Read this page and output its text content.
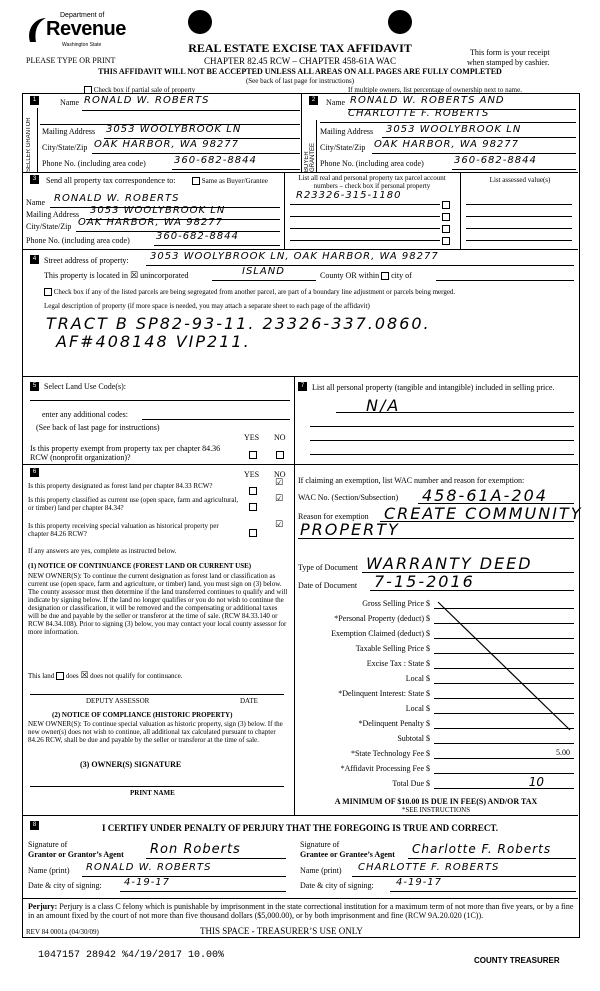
Department of
Revenue
Washington State
PLEASE TYPE OR PRINT
REAL ESTATE EXCISE TAX AFFIDAVIT
CHAPTER 82.45 RCW – CHAPTER 458-61A WAC
This form is your receipt
when stamped by cashier.
THIS AFFIDAVIT WILL NOT BE ACCEPTED UNLESS ALL AREAS ON ALL PAGES ARE FULLY COMPLETED
(See back of last page for instructions)
Check box if partial sale of property	If multiple owners, list percentage of ownership next to name.
1
SELLER GRANTOR
Name RONALD W. ROBERTS
Mailing Address 3053 WOOLYBROOK LN
City/State/Zip OAK HARBOR, WA 98277
Phone No. (including area code)	360-682-8844
2
BUYER GRANTEE
Name RONALD W. ROBERTS AND
CHARLOTTE F. ROBERTS
Mailing Address 3053 WOOLYBROOK LN
City/State/Zip OAK HARBOR, WA 98277
Phone No. (including area code)	360-682-8844
3	Send all property tax correspondence to:	Same as Buyer/Grantee
Name RONALD W. ROBERTS
Mailing Address 3053 WOOLYBROOK LN
City/State/Zip OAK HARBOR, WA 98277
Phone No. (including area code)	360-682-8844
List all real and personal property tax parcel account numbers – check box if personal property
List assessed value(s)
R23326-315-1180
4 Street address of property: 3053 WOOLYBROOK LN, OAK HARBOR, WA 98277
This property is located in ☒ unincorporated	ISLAND	County OR within city of
Check box if any of the listed parcels are being segregated from another parcel, are part of a boundary line adjustment or parcels being merged.
Legal description of property (if more space is needed, you may attach a separate sheet to each page of the affidavit)
TRACT B SP82-93-11. 23326-337.0860.
AF#408148 VIP211.
5 Select Land Use Code(s):
enter any additional codes:
(See back of last page for instructions)
YES NO
Is this property exempt from property tax per chapter 84.36 RCW (nonprofit organization)?
6	YES NO
Is this property designated as forest land per chapter 84.33 RCW?	☑
Is this property classified as current use (open space, farm and agricultural, or timber) land per chapter 84.34?
☑
Is this property receiving special valuation as historical property per chapter 84.26 RCW?
☑
If any answers are yes, complete as instructed below.
(1) NOTICE OF CONTINUANCE (FOREST LAND OR CURRENT USE)
NEW OWNER(S): To continue the current designation as forest land or classification as current use (open space, farm and agriculture, or timber) land, you must sign on (3) below. The county assessor must then determine if the land transferred continues to qualify and will indicate by signing below. If the land no longer qualifies or you do not wish to continue the designation or classification, it will be removed and the compensating or additional taxes will be due and payable by the seller or transferor at the time of sale. (RCW 84.33.140 or RCW 84.34.108). Prior to signing (3) below, you may contact your local county assessor for more information.
This land does ☒ does not qualify for continuance.
DEPUTY ASSESSOR	DATE
(2) NOTICE OF COMPLIANCE (HISTORIC PROPERTY)
NEW OWNER(S): To continue special valuation as historic property, sign (3) below. If the new owner(s) does not wish to continue, all additional tax calculated pursuant to chapter 84.26 RCW, shall be due and payable by the seller or transferor at the time of sale.
(3) OWNER(S) SIGNATURE
PRINT NAME
7 List all personal property (tangible and intangible) included in selling price.
N/A
If claiming an exemption, list WAC number and reason for exemption:
WAC No. (Section/Subsection) 458-61A-204
Reason for exemption CREATE COMMUNITY
PROPERTY
Type of Document WARRANTY DEED
Date of Document 7-15-2016
Gross Selling Price $
*Personal Property (deduct) $
Exemption Claimed (deduct) $
Taxable Selling Price $
Excise Tax : State $
Local $
*Delinquent Interest: State $
Local $
*Delinquent Penalty $
Subtotal $
*State Technology Fee $	5.00
*Affidavit Processing Fee $
Total Due $	10
A MINIMUM OF $10.00 IS DUE IN FEE(S) AND/OR TAX
*SEE INSTRUCTIONS
8	I CERTIFY UNDER PENALTY OF PERJURY THAT THE FOREGOING IS TRUE AND CORRECT.
Signature of
Grantor or Grantor’s Agent Ron Roberts
Name (print) RONALD W. ROBERTS
Date & city of signing: 4-19-17
Signature of
Grantee or Grantee’s Agent Charlotte F. Roberts
Name (print) CHARLOTTE F. ROBERTS
Date & city of signing: 4-19-17
Perjury: Perjury is a class C felony which is punishable by imprisonment in the state correctional institution for a maximum term of not more than five years, or by a fine in an amount fixed by the court of not more than five thousand dollars ($5,000.00), or by both imprisonment and fine (RCW 9A.20.020 (1C)).
REV 84 0001a (04/30/09)	THIS SPACE - TREASURER’S USE ONLY
1047157 28942 %4/19/2017 10.00%	COUNTY TREASURER
